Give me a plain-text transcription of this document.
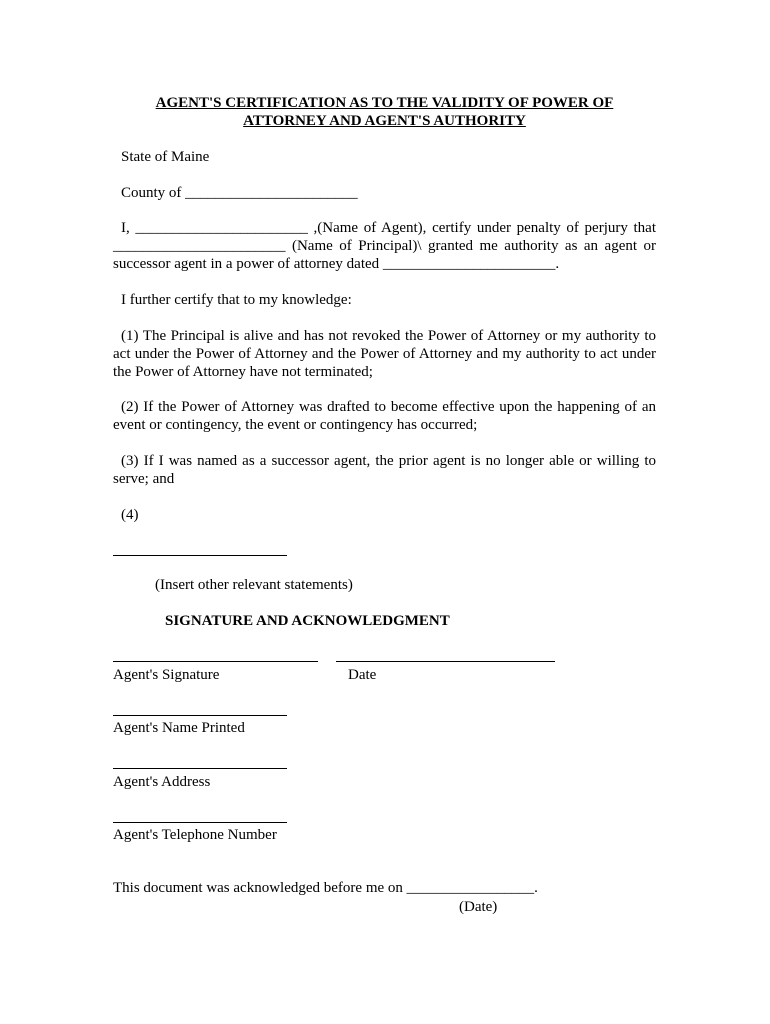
AGENT'S CERTIFICATION AS TO THE VALIDITY OF POWER OF
ATTORNEY AND AGENT'S AUTHORITY
State of Maine
County of _______________________
I, _______________________ ,(Name of Agent), certify under penalty of perjury that _______________________ (Name of Principal)\ granted me authority as an agent or successor agent in a power of attorney dated _______________________.
I further certify that to my knowledge:
(1) The Principal is alive and has not revoked the Power of Attorney or my authority to act under the Power of Attorney and the Power of Attorney and my authority to act under the Power of Attorney have not terminated;
(2) If the Power of Attorney was drafted to become effective upon the happening of an event or contingency, the event or contingency has occurred;
(3) If I was named as a successor agent, the prior agent is no longer able or willing to serve; and
(4)
(Insert other relevant statements)
SIGNATURE AND ACKNOWLEDGMENT
Agent's Signature	Date
Agent's Name Printed
Agent's Address
Agent's Telephone Number
This document was acknowledged before me on _________________.
(Date)
